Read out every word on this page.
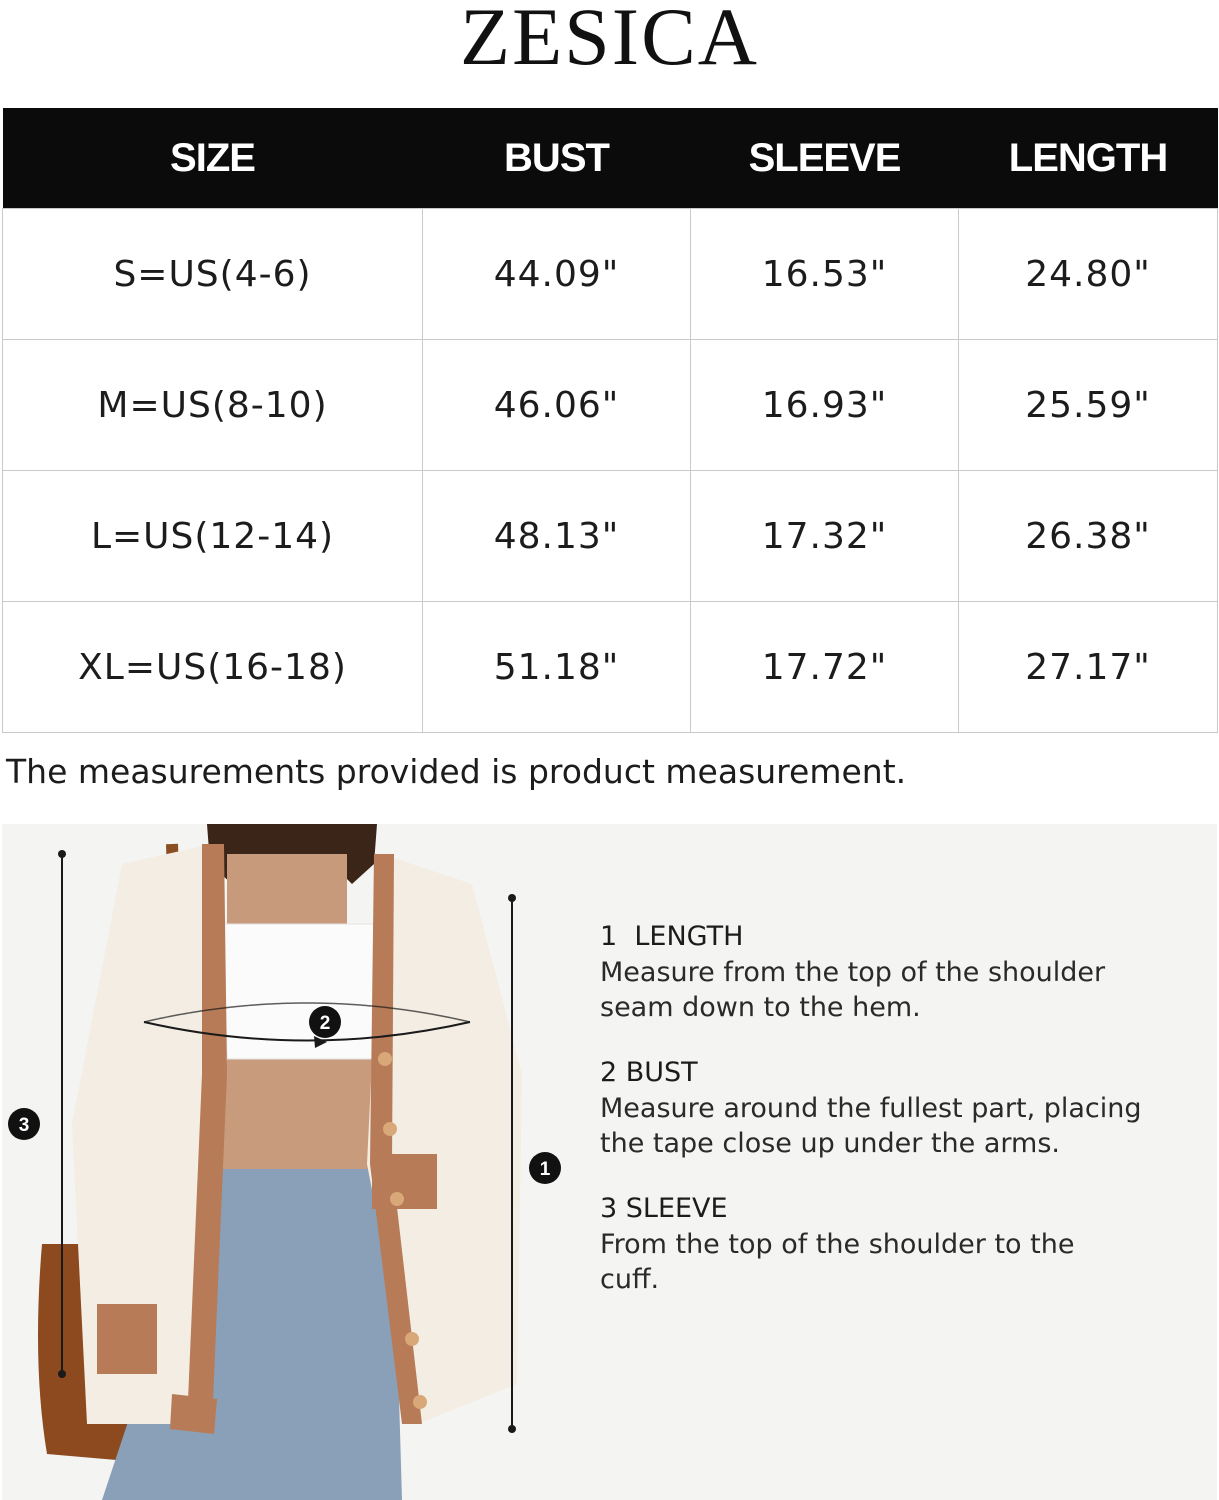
ZESICA
SIZE	BUST	SLEEVE	LENGTH
S=US(4-6)	44.09"	16.53"	24.80"
M=US(8-10)	46.06"	16.93"	25.59"
L=US(12-14)	48.13"	17.32"	26.38"
XL=US(16-18)	51.18"	17.72"	27.17"
The measurements provided is product measurement.
3
2
1
1  LENGTH
Measure from the top of the shoulder seam down to the hem.
2 BUST
Measure around the fullest part, placing the tape close up under the arms.
3 SLEEVE
From the top of the shoulder to the cuff.
